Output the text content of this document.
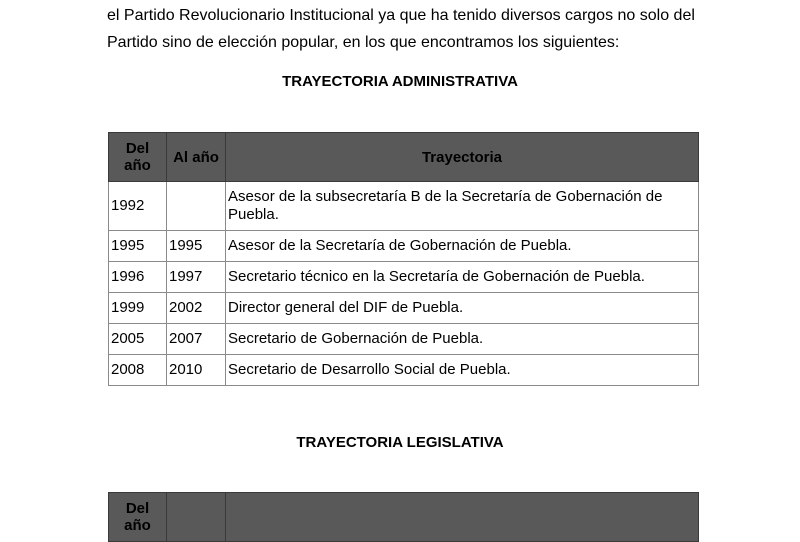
el Partido Revolucionario Institucional ya que ha tenido diversos cargos no solo del
Partido sino de elección popular, en los que encontramos los siguientes:

TRAYECTORIA ADMINISTRATIVA

Del año	Al año	Trayectoria
1992		Asesor de la subsecretaría B de la Secretaría de Gobernación de Puebla.
1995	1995	Asesor de la Secretaría de Gobernación de Puebla.
1996	1997	Secretario técnico en la Secretaría de Gobernación de Puebla.
1999	2002	Director general del DIF de Puebla.
2005	2007	Secretario de Gobernación de Puebla.
2008	2010	Secretario de Desarrollo Social de Puebla.

TRAYECTORIA LEGISLATIVA

Del año		
